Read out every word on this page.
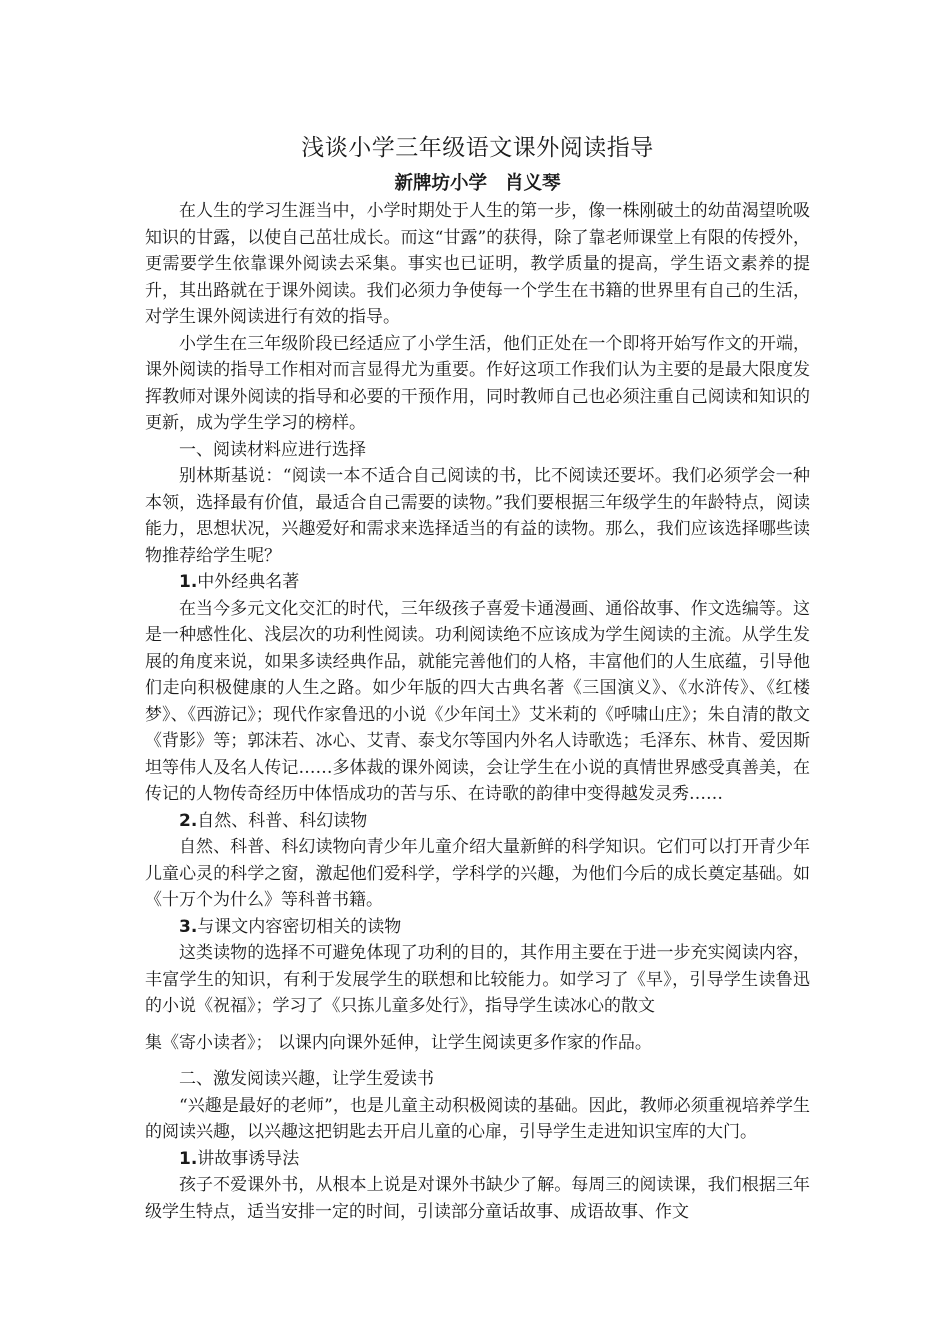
浅谈小学三年级语文课外阅读指导
新牌坊小学 肖义琴

在人生的学习生涯当中，小学时期处于人生的第一步，像一株刚破土的幼苗渴望吮吸知识的甘露，以使自己茁壮成长。而这“甘露”的获得，除了靠老师课堂上有限的传授外，更需要学生依靠课外阅读去采集。事实也已证明，教学质量的提高，学生语文素养的提升，其出路就在于课外阅读。我们必须力争使每一个学生在书籍的世界里有自己的生活，对学生课外阅读进行有效的指导。

小学生在三年级阶段已经适应了小学生活，他们正处在一个即将开始写作文的开端，课外阅读的指导工作相对而言显得尤为重要。作好这项工作我们认为主要的是最大限度发挥教师对课外阅读的指导和必要的干预作用，同时教师自己也必须注重自己阅读和知识的更新，成为学生学习的榜样。

一、阅读材料应进行选择

别林斯基说：“阅读一本不适合自己阅读的书，比不阅读还要坏。我们必须学会一种本领，选择最有价值，最适合自己需要的读物。”我们要根据三年级学生的年龄特点，阅读能力，思想状况，兴趣爱好和需求来选择适当的有益的读物。那么，我们应该选择哪些读物推荐给学生呢？

1.中外经典名著

在当今多元文化交汇的时代，三年级孩子喜爱卡通漫画、通俗故事、作文选编等。这是一种感性化、浅层次的功利性阅读。功利阅读绝不应该成为学生阅读的主流。从学生发展的角度来说，如果多读经典作品，就能完善他们的人格，丰富他们的人生底蕴，引导他们走向积极健康的人生之路。如少年版的四大古典名著《三国演义》、《水浒传》、《红楼梦》、《西游记》；现代作家鲁迅的小说《少年闰土》艾米莉的《呼啸山庄》；朱自清的散文《背影》等；郭沫若、冰心、艾青、泰戈尔等国内外名人诗歌选；毛泽东、林肯、爱因斯坦等伟人及名人传记……多体裁的课外阅读，会让学生在小说的真情世界感受真善美，在传记的人物传奇经历中体悟成功的苦与乐、在诗歌的韵律中变得越发灵秀……

2.自然、科普、科幻读物

自然、科普、科幻读物向青少年儿童介绍大量新鲜的科学知识。它们可以打开青少年儿童心灵的科学之窗，激起他们爱科学，学科学的兴趣，为他们今后的成长奠定基础。如《十万个为什么》等科普书籍。

3.与课文内容密切相关的读物

这类读物的选择不可避免体现了功利的目的，其作用主要在于进一步充实阅读内容，丰富学生的知识，有利于发展学生的联想和比较能力。如学习了《早》，引导学生读鲁迅的小说《祝福》；学习了《只拣儿童多处行》，指导学生读冰心的散文

集《寄小读者》； 以课内向课外延伸，让学生阅读更多作家的作品。

二、激发阅读兴趣，让学生爱读书

“兴趣是最好的老师”，也是儿童主动积极阅读的基础。因此，教师必须重视培养学生的阅读兴趣，以兴趣这把钥匙去开启儿童的心扉，引导学生走进知识宝库的大门。

1.讲故事诱导法

孩子不爱课外书，从根本上说是对课外书缺少了解。每周三的阅读课，我们根据三年级学生特点，适当安排一定的时间，引读部分童话故事、成语故事、作文
